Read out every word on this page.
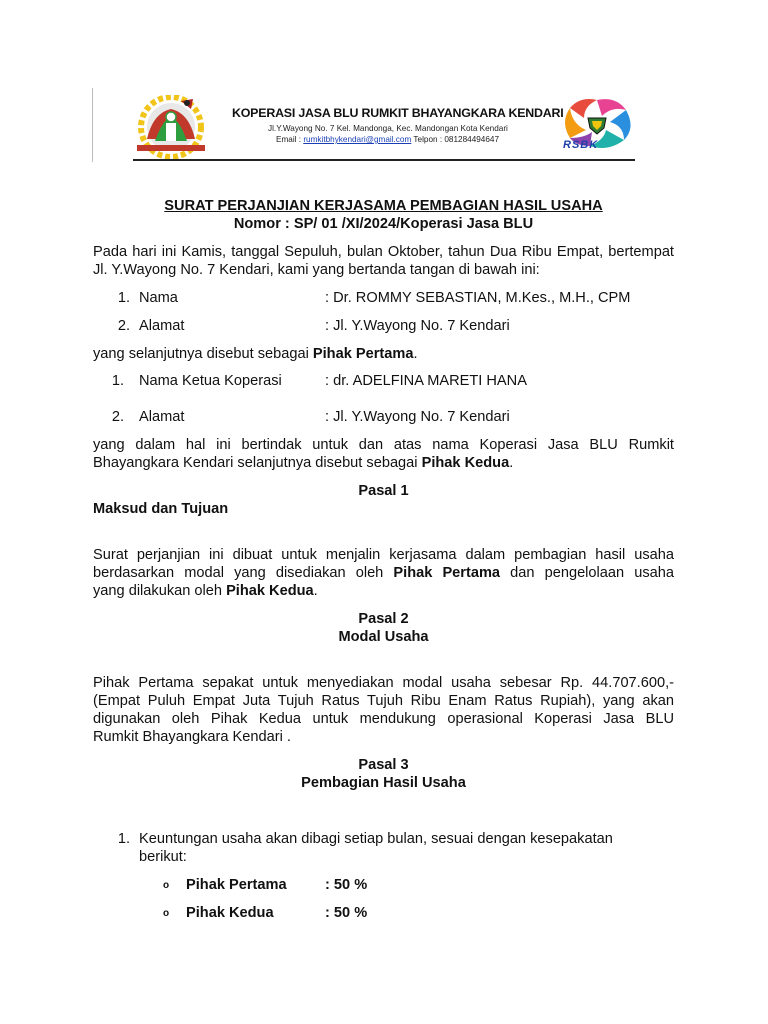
KOPERASI JASA BLU RUMKIT BHAYANGKARA KENDARI
Jl.Y.Wayong No. 7 Kel. Mandonga, Kec. Mandongan Kota Kendari
Email : rumkitbhykendari@gmail.com Telpon : 081284494647	RSBK
SURAT PERJANJIAN KERJASAMA PEMBAGIAN HASIL USAHA
Nomor : SP/ 01 /XI/2024/Koperasi Jasa BLU
Pada hari ini Kamis, tanggal Sepuluh, bulan Oktober, tahun Dua Ribu Empat, bertempat Jl. Y.Wayong No. 7 Kendari, kami yang bertanda tangan di bawah ini:
1. Nama	: Dr. ROMMY SEBASTIAN, M.Kes., M.H., CPM
2. Alamat	: Jl. Y.Wayong No. 7 Kendari
yang selanjutnya disebut sebagai Pihak Pertama.
1. Nama Ketua Koperasi	: dr. ADELFINA MARETI HANA
2. Alamat	: Jl. Y.Wayong No. 7 Kendari
yang dalam hal ini bertindak untuk dan atas nama Koperasi Jasa BLU Rumkit
Bhayangkara Kendari selanjutnya disebut sebagai Pihak Kedua.
Pasal 1
Maksud dan Tujuan
Surat perjanjian ini dibuat untuk menjalin kerjasama dalam pembagian hasil usaha
berdasarkan modal yang disediakan oleh Pihak Pertama dan pengelolaan usaha
yang dilakukan oleh Pihak Kedua.
Pasal 2
Modal Usaha
Pihak Pertama sepakat untuk menyediakan modal usaha sebesar Rp. 44.707.600,-
(Empat Puluh Empat Juta Tujuh Ratus Tujuh Ribu Enam Ratus Rupiah), yang akan
digunakan oleh Pihak Kedua untuk mendukung operasional Koperasi Jasa BLU
Rumkit Bhayangkara Kendari .
Pasal 3
Pembagian Hasil Usaha
1. Keuntungan usaha akan dibagi setiap bulan, sesuai dengan kesepakatan
berikut:
o Pihak Pertama	: 50 %
o Pihak Kedua	: 50 %
